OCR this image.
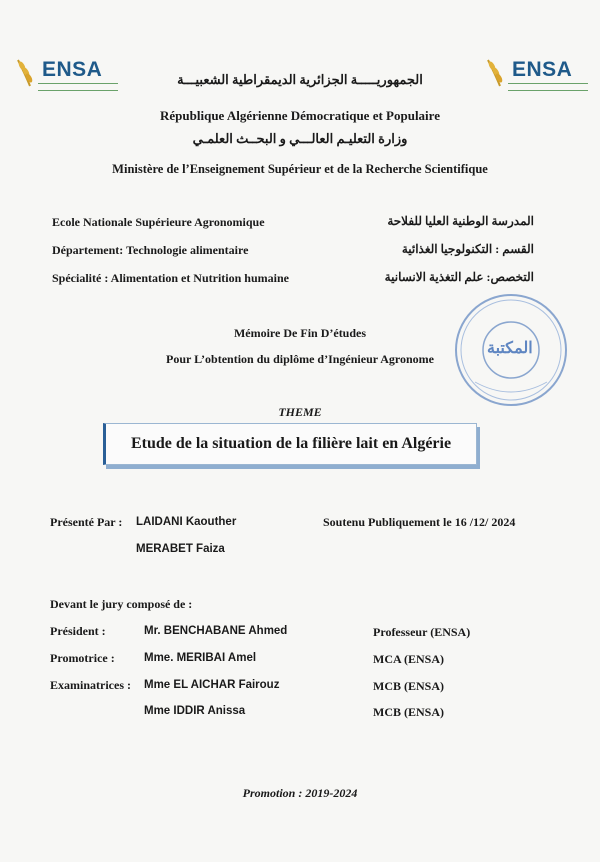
ENSA	ENSA
الجمهوريـــــة الجزائرية الديمقراطية الشعبيـــة
République Algérienne Démocratique et Populaire
وزارة التعليـم العالـــي و البحــث العلمـي
Ministère de l’Enseignement Supérieur et de la Recherche Scientifique
Ecole Nationale Supérieure Agronomique	المدرسة الوطنية العليا للفلاحة
Département: Technologie alimentaire	القسم : التكنولوجيا الغذائية
Spécialité : Alimentation et Nutrition humaine	التخصص: علم التغذية الانسانية
المكتبة
Mémoire De Fin D’études
Pour L’obtention du diplôme d’Ingénieur Agronome
THEME
Etude de la situation de la filière lait en Algérie
Présenté Par : LAIDANI Kaouther
MERABET Faiza
Soutenu Publiquement le 16 /12/ 2024
Devant le jury composé de :
Président :	Mr. BENCHABANE Ahmed	Professeur (ENSA)
Promotrice :	Mme. MERIBAI Amel	MCA (ENSA)
Examinatrices : Mme EL AICHAR Fairouz	MCB (ENSA)
Mme IDDIR Anissa	MCB (ENSA)
Promotion : 2019-2024
